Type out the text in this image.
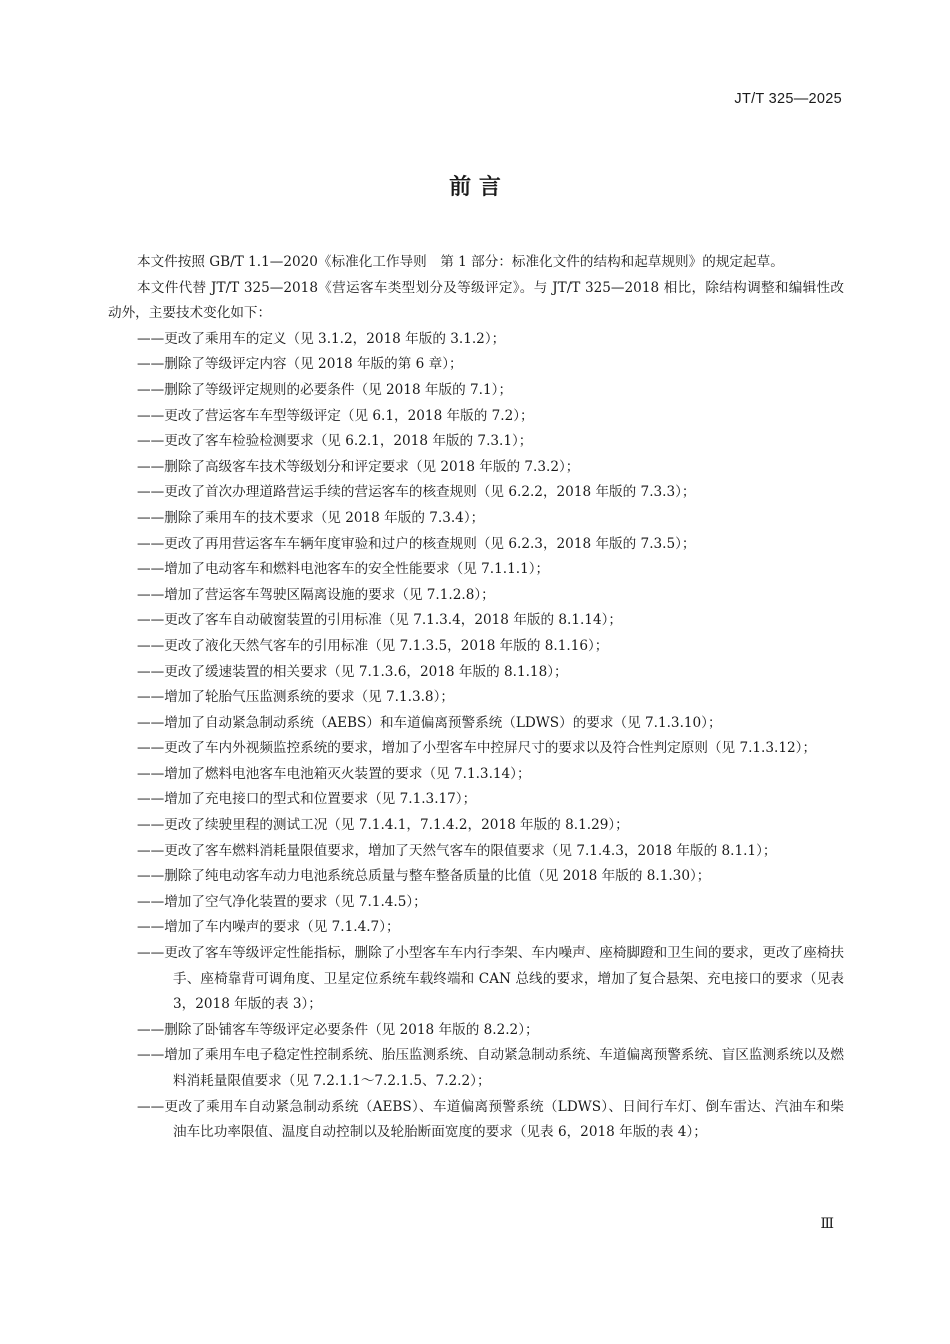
JT/T 325—2025
前 言

本文件按照 GB/T 1.1—2020《标准化工作导则　第 1 部分：标准化文件的结构和起草规则》的规定起草。

本文件代替 JT/T 325—2018《营运客车类型划分及等级评定》。与 JT/T 325—2018 相比，除结构调整和编辑性改动外，主要技术变化如下：

——更改了乘用车的定义（见 3.1.2，2018 年版的 3.1.2）；
——删除了等级评定内容（见 2018 年版的第 6 章）；
——删除了等级评定规则的必要条件（见 2018 年版的 7.1）；
——更改了营运客车车型等级评定（见 6.1，2018 年版的 7.2）；
——更改了客车检验检测要求（见 6.2.1，2018 年版的 7.3.1）；
——删除了高级客车技术等级划分和评定要求（见 2018 年版的 7.3.2）；
——更改了首次办理道路营运手续的营运客车的核查规则（见 6.2.2，2018 年版的 7.3.3）；
——删除了乘用车的技术要求（见 2018 年版的 7.3.4）；
——更改了再用营运客车车辆年度审验和过户的核查规则（见 6.2.3，2018 年版的 7.3.5）；
——增加了电动客车和燃料电池客车的安全性能要求（见 7.1.1.1）；
——增加了营运客车驾驶区隔离设施的要求（见 7.1.2.8）；
——更改了客车自动破窗装置的引用标准（见 7.1.3.4，2018 年版的 8.1.14）；
——更改了液化天然气客车的引用标准（见 7.1.3.5，2018 年版的 8.1.16）；
——更改了缓速装置的相关要求（见 7.1.3.6，2018 年版的 8.1.18）；
——增加了轮胎气压监测系统的要求（见 7.1.3.8）；
——增加了自动紧急制动系统（AEBS）和车道偏离预警系统（LDWS）的要求（见 7.1.3.10）；
——更改了车内外视频监控系统的要求，增加了小型客车中控屏尺寸的要求以及符合性判定原则（见 7.1.3.12）；
——增加了燃料电池客车电池箱灭火装置的要求（见 7.1.3.14）；
——增加了充电接口的型式和位置要求（见 7.1.3.17）；
——更改了续驶里程的测试工况（见 7.1.4.1，7.1.4.2，2018 年版的 8.1.29）；
——更改了客车燃料消耗量限值要求，增加了天然气客车的限值要求（见 7.1.4.3，2018 年版的 8.1.1）；
——删除了纯电动客车动力电池系统总质量与整车整备质量的比值（见 2018 年版的 8.1.30）；
——增加了空气净化装置的要求（见 7.1.4.5）；
——增加了车内噪声的要求（见 7.1.4.7）；
——更改了客车等级评定性能指标，删除了小型客车车内行李架、车内噪声、座椅脚蹬和卫生间的要求，更改了座椅扶手、座椅靠背可调角度、卫星定位系统车载终端和 CAN 总线的要求，增加了复合悬架、充电接口的要求（见表 3，2018 年版的表 3）；
——删除了卧铺客车等级评定必要条件（见 2018 年版的 8.2.2）；
——增加了乘用车电子稳定性控制系统、胎压监测系统、自动紧急制动系统、车道偏离预警系统、盲区监测系统以及燃料消耗量限值要求（见 7.2.1.1～7.2.1.5、7.2.2）；
——更改了乘用车自动紧急制动系统（AEBS）、车道偏离预警系统（LDWS）、日间行车灯、倒车雷达、汽油车和柴油车比功率限值、温度自动控制以及轮胎断面宽度的要求（见表 6，2018 年版的表 4）；
Ⅲ
